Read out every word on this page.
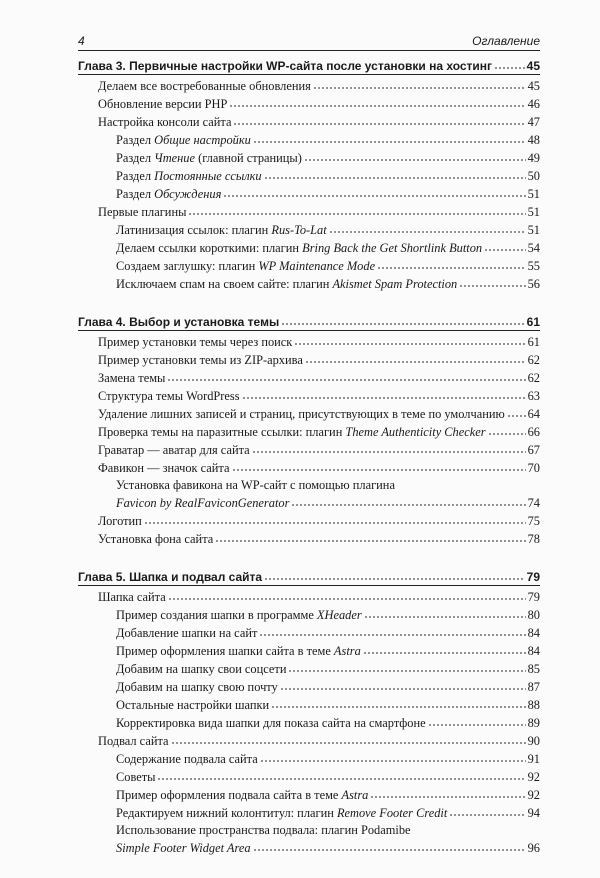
4	Оглавление
Глава 3. Первичные настройки WP-сайта после установки на хостинг	45
Делаем все востребованные обновления	45
Обновление версии PHP	46
Настройка консоли сайта	47
Раздел Общие настройки	48
Раздел Чтение (главной страницы)	49
Раздел Постоянные ссылки	50
Раздел Обсуждения	51
Первые плагины	51
Латинизация ссылок: плагин Rus-To-Lat	51
Делаем ссылки короткими: плагин Bring Back the Get Shortlink Button	54
Создаем заглушку: плагин WP Maintenance Mode	55
Исключаем спам на своем сайте: плагин Akismet Spam Protection	56
Глава 4. Выбор и установка темы	61
Пример установки темы через поиск	61
Пример установки темы из ZIP-архива	62
Замена темы	62
Структура темы WordPress	63
Удаление лишних записей и страниц, присутствующих в теме по умолчанию 64
Проверка темы на паразитные ссылки: плагин Theme Authenticity Checker	66
Граватар — аватар для сайта	67
Фавикон — значок сайта	70
Установка фавикона на WP-сайт с помощью плагина
Favicon by RealFaviconGenerator	74
Логотип	75
Установка фона сайта	78
Глава 5. Шапка и подвал сайта	79
Шапка сайта	79
Пример создания шапки в программе XHeader	80
Добавление шапки на сайт	84
Пример оформления шапки сайта в теме Astra	84
Добавим на шапку свои соцсети	85
Добавим на шапку свою почту	87
Остальные настройки шапки	88
Корректировка вида шапки для показа сайта на смартфоне	89
Подвал сайта	90
Содержание подвала сайта	91
Советы	92
Пример оформления подвала сайта в теме Astra	92
Редактируем нижний колонтитул: плагин Remove Footer Credit	94
Использование пространства подвала: плагин Podamibe
Simple Footer Widget Area	96
